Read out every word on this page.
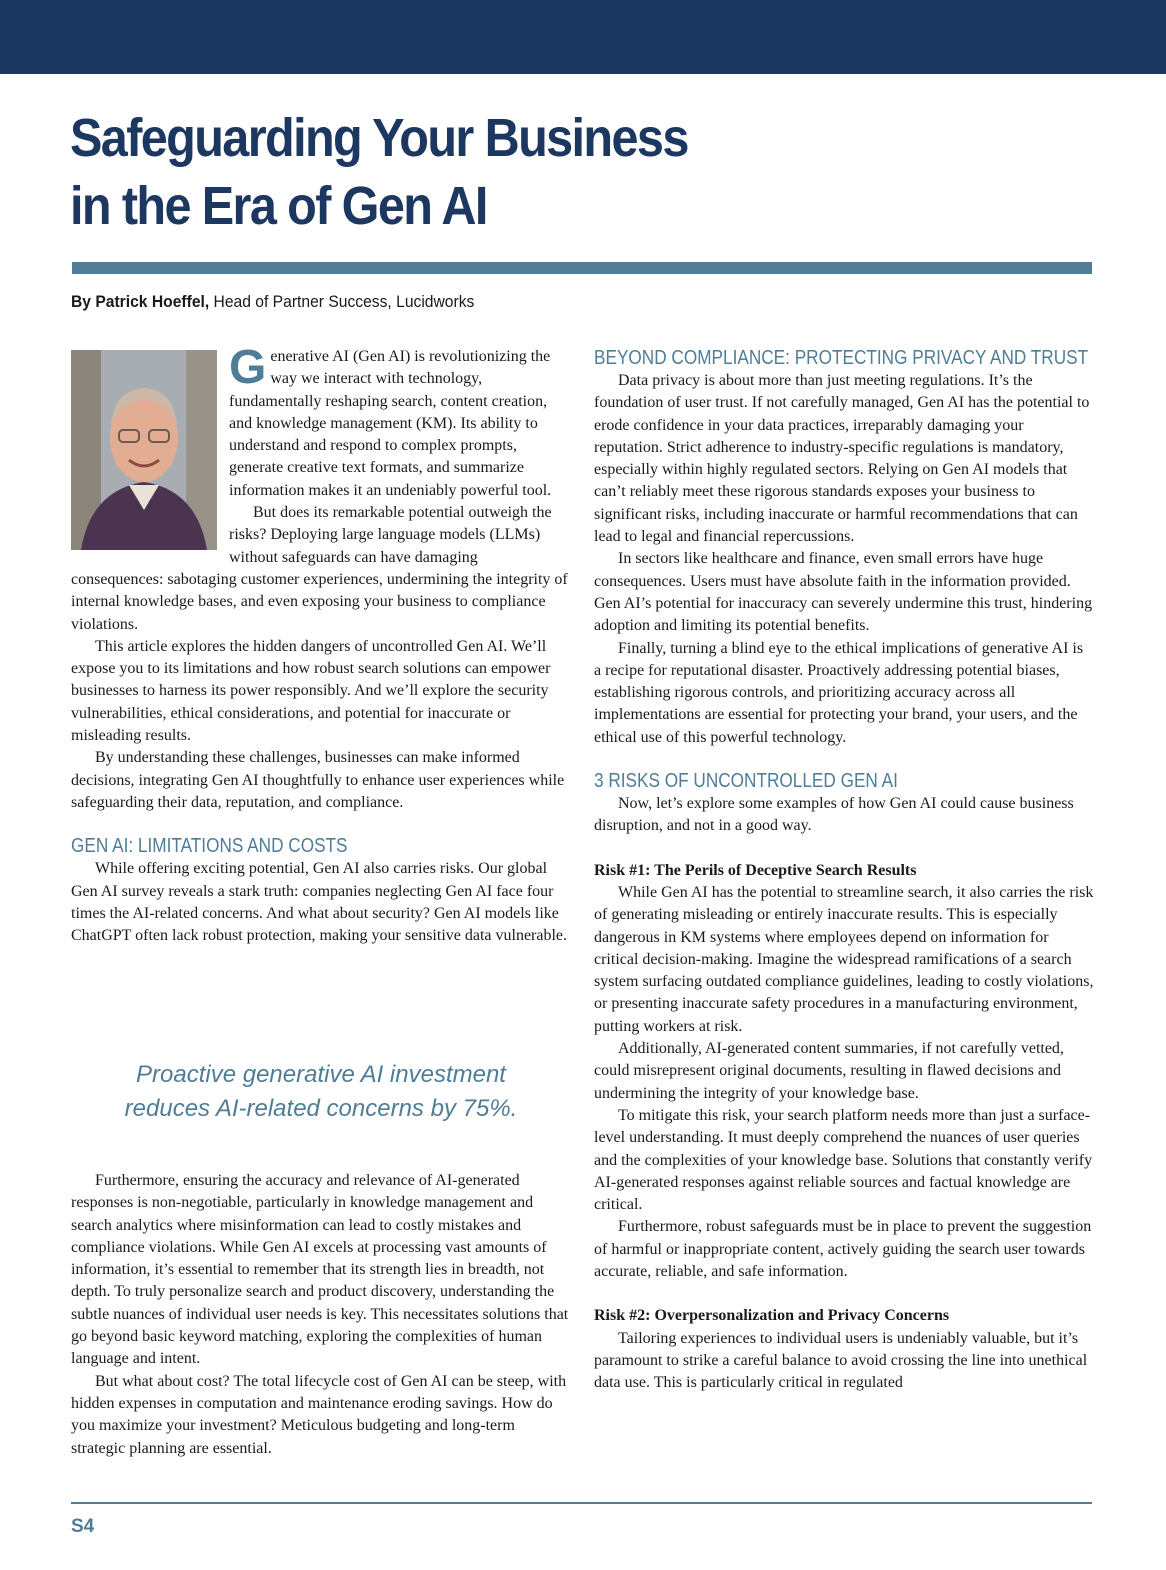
Safeguarding Your Business
in the Era of Gen AI
By Patrick Hoeffel, Head of Partner Success, Lucidworks

Generative AI (Gen AI) is revolutionizing the way we interact with technology, fundamentally reshaping search, content creation, and knowledge management (KM). Its ability to understand and respond to complex prompts, generate creative text formats, and summarize information makes it an undeniably powerful tool.

But does its remarkable potential outweigh the risks? Deploying large language models (LLMs) without safeguards can have damaging consequences: sabotaging customer experiences, undermining the integrity of internal knowledge bases, and even exposing your business to compliance violations.

This article explores the hidden dangers of uncontrolled Gen AI. We’ll expose you to its limitations and how robust search solutions can empower businesses to harness its power responsibly. And we’ll explore the security vulnerabilities, ethical considerations, and potential for inaccurate or misleading results.

By understanding these challenges, businesses can make informed decisions, integrating Gen AI thoughtfully to enhance user experiences while safeguarding their data, reputation, and compliance.

GEN AI: LIMITATIONS AND COSTS

While offering exciting potential, Gen AI also carries risks. Our global Gen AI survey reveals a stark truth: companies neglecting Gen AI face four times the AI-related concerns. And what about security? Gen AI models like ChatGPT often lack robust protection, making your sensitive data vulnerable.

Proactive generative AI investment
reduces AI-related concerns by 75%.

Furthermore, ensuring the accuracy and relevance of AI-generated responses is non-negotiable, particularly in knowledge management and search analytics where misinformation can lead to costly mistakes and compliance violations. While Gen AI excels at processing vast amounts of information, it’s essential to remember that its strength lies in breadth, not depth. To truly personalize search and product discovery, understanding the subtle nuances of individual user needs is key. This necessitates solutions that go beyond basic keyword matching, exploring the complexities of human language and intent.

But what about cost? The total lifecycle cost of Gen AI can be steep, with hidden expenses in computation and maintenance eroding savings. How do you maximize your investment? Meticulous budgeting and long-term strategic planning are essential.

BEYOND COMPLIANCE: PROTECTING PRIVACY AND TRUST

Data privacy is about more than just meeting regulations. It’s the foundation of user trust. If not carefully managed, Gen AI has the potential to erode confidence in your data practices, irreparably damaging your reputation. Strict adherence to industry-specific regulations is mandatory, especially within highly regulated sectors. Relying on Gen AI models that can’t reliably meet these rigorous standards exposes your business to significant risks, including inaccurate or harmful recommendations that can lead to legal and financial repercussions.

In sectors like healthcare and finance, even small errors have huge consequences. Users must have absolute faith in the information provided. Gen AI’s potential for inaccuracy can severely undermine this trust, hindering adoption and limiting its potential benefits.

Finally, turning a blind eye to the ethical implications of generative AI is a recipe for reputational disaster. Proactively addressing potential biases, establishing rigorous controls, and prioritizing accuracy across all implementations are essential for protecting your brand, your users, and the ethical use of this powerful technology.

3 RISKS OF UNCONTROLLED GEN AI

Now, let’s explore some examples of how Gen AI could cause business disruption, and not in a good way.

Risk #1: The Perils of Deceptive Search Results

While Gen AI has the potential to streamline search, it also carries the risk of generating misleading or entirely inaccurate results. This is especially dangerous in KM systems where employees depend on information for critical decision-making. Imagine the widespread ramifications of a search system surfacing outdated compliance guidelines, leading to costly violations, or presenting inaccurate safety procedures in a manufacturing environment, putting workers at risk.

Additionally, AI-generated content summaries, if not carefully vetted, could misrepresent original documents, resulting in flawed decisions and undermining the integrity of your knowledge base.

To mitigate this risk, your search platform needs more than just a surface-level understanding. It must deeply comprehend the nuances of user queries and the complexities of your knowledge base. Solutions that constantly verify AI-generated responses against reliable sources and factual knowledge are critical.

Furthermore, robust safeguards must be in place to prevent the suggestion of harmful or inappropriate content, actively guiding the search user towards accurate, reliable, and safe information.

Risk #2: Overpersonalization and Privacy Concerns

Tailoring experiences to individual users is undeniably valuable, but it’s paramount to strike a careful balance to avoid crossing the line into unethical data use. This is particularly critical in regulated

S4
